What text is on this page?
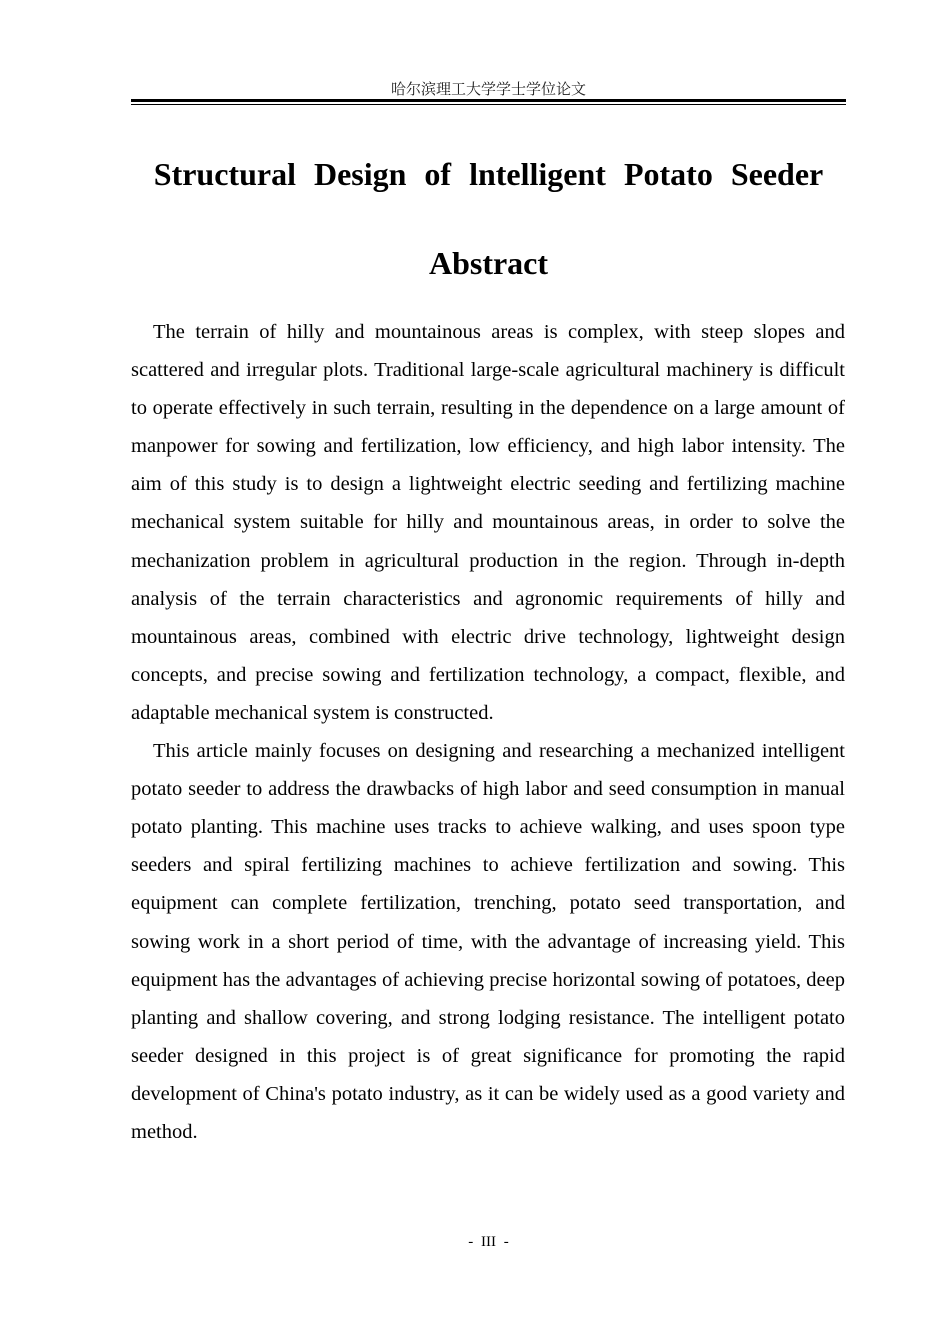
哈尔滨理工大学学士学位论文
Structural Design of lntelligent Potato Seeder
Abstract

The terrain of hilly and mountainous areas is complex, with steep slopes and scattered and irregular plots. Traditional large-scale agricultural machinery is difficult to operate effectively in such terrain, resulting in the dependence on a large amount of manpower for sowing and fertilization, low efficiency, and high labor intensity. The aim of this study is to design a lightweight electric seeding and fertilizing machine mechanical system suitable for hilly and mountainous areas, in order to solve the mechanization problem in agricultural production in the region. Through in-depth analysis of the terrain characteristics and agronomic requirements of hilly and mountainous areas, combined with electric drive technology, lightweight design concepts, and precise sowing and fertilization technology, a compact, flexible, and adaptable mechanical system is constructed.

This article mainly focuses on designing and researching a mechanized intelligent potato seeder to address the drawbacks of high labor and seed consumption in manual potato planting. This machine uses tracks to achieve walking, and uses spoon type seeders and spiral fertilizing machines to achieve fertilization and sowing. This equipment can complete fertilization, trenching, potato seed transportation, and sowing work in a short period of time, with the advantage of increasing yield. This equipment has the advantages of achieving precise horizontal sowing of potatoes, deep planting and shallow covering, and strong lodging resistance. The intelligent potato seeder designed in this project is of great significance for promoting the rapid development of China's potato industry, as it can be widely used as a good variety and method.

- III -
